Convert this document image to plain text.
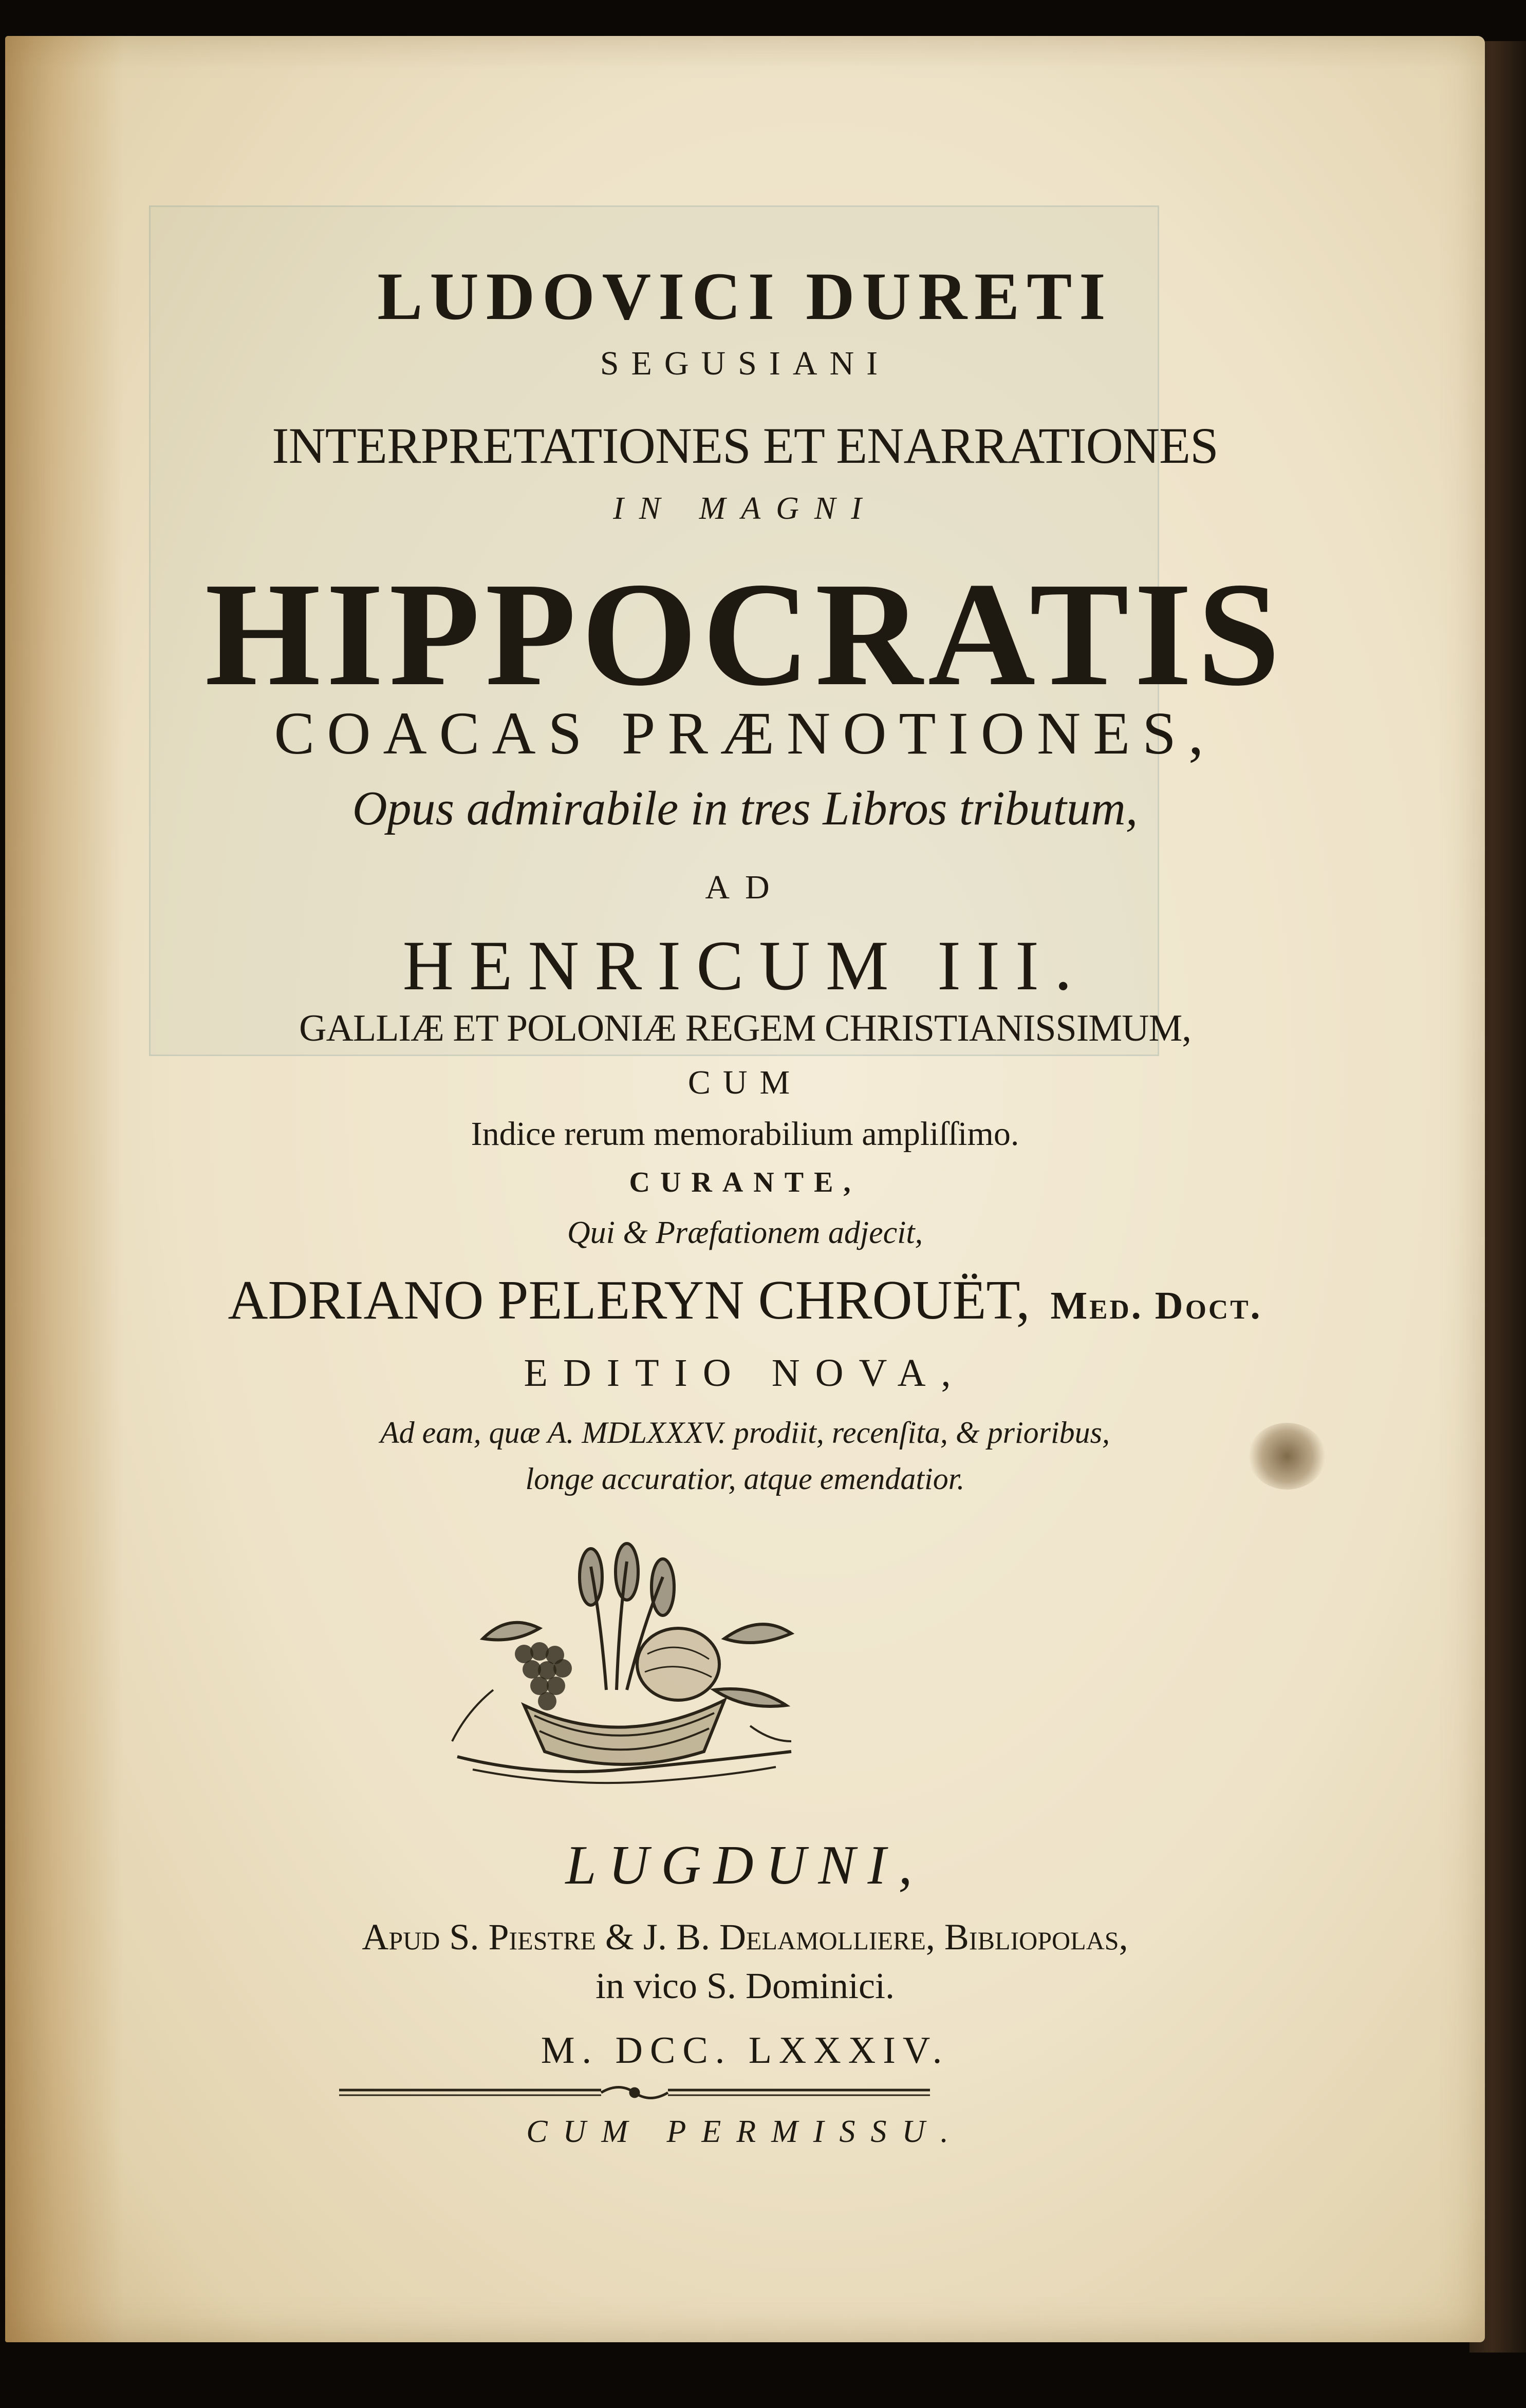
LUDOVICI DURETI
SEGUSIANI
INTERPRETATIONES ET ENARRATIONES
IN MAGNI
HIPPOCRATIS
COACAS PRÆNOTIONES,
Opus admirabile in tres Libros tributum,
AD
HENRICUM III.
GALLIÆ ET POLONIÆ REGEM CHRISTIANISSIMUM,
CUM
Indice rerum memorabilium ampliſſimo.
CURANTE,
Qui & Præfationem adjecit,
ADRIANO PELERYN CHROUËT, Med. Doct.
EDITIO NOVA,
Ad eam, quæ A. MDLXXXV. prodiit, recenſita, & prioribus,
longe accuratior, atque emendatior.
LUGDUNI,
Apud S. Piestre & J. B. Delamolliere, Bibliopolas,
in vico S. Dominici.
M. DCC. LXXXIV.
CUM PERMISSU.
